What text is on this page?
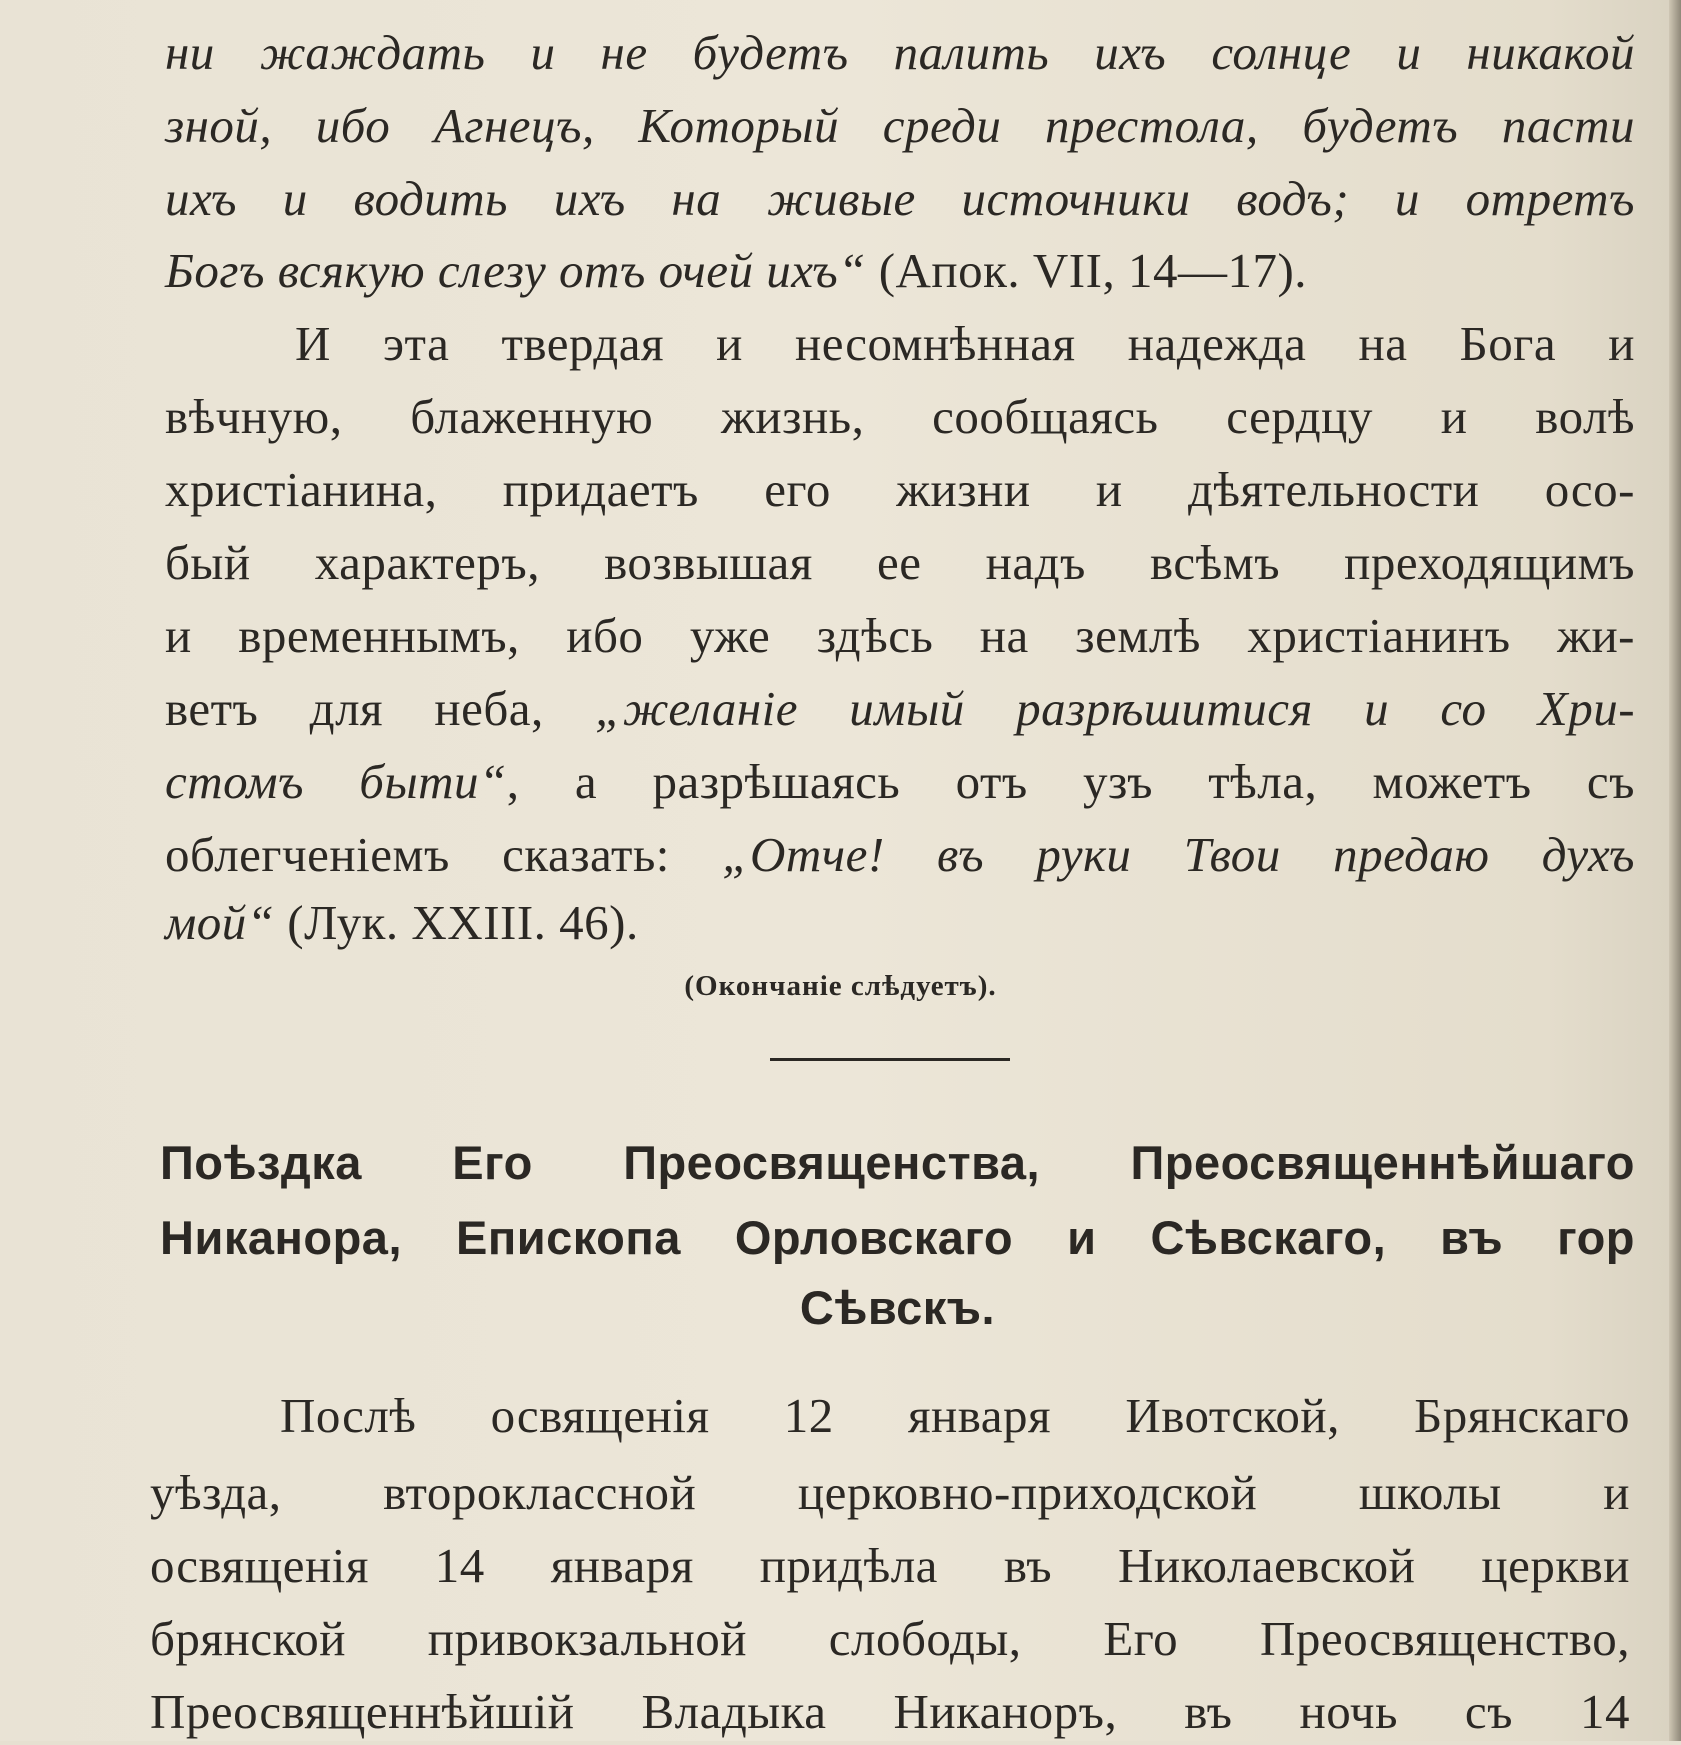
ни жаждать и не будетъ палить ихъ солнце и никакой
зной, ибо Агнецъ, Который среди престола, будетъ пасти
ихъ и водить ихъ на живые источники водъ; и отретъ
Богъ всякую слезу отъ очей ихъ“ (Апок. VII, 14—17).
И эта твердая и несомнѣнная надежда на Бога и
вѣчную, блаженную жизнь, сообщаясь сердцу и волѣ
христіанина, придаетъ его жизни и дѣятельности осо-
бый характеръ, возвышая ее надъ всѣмъ преходящимъ
и временнымъ, ибо уже здѣсь на землѣ христіанинъ жи-
ветъ для неба, „желаніе имый разрѣшитися и со Хри-
стомъ быти“, а разрѣшаясь отъ узъ тѣла, можетъ съ
облегченіемъ сказать: „Отче! въ руки Твои предаю духъ
мой“ (Лук. XXIII. 46).
(Окончаніе слѣдуетъ).
Поѣздка Его Преосвященства, Преосвященнѣйшаго
Никанора, Епископа Орловскаго и Сѣвскаго, въ гор
Сѣвскъ.
Послѣ освященія 12 января Ивотской, Брянскаго
уѣзда, второклассной церковно-приходской школы и
освященія 14 января придѣла въ Николаевской церкви
брянской привокзальной слободы, Его Преосвященство,
Преосвященнѣйшій Владыка Никаноръ, въ ночь съ 14
